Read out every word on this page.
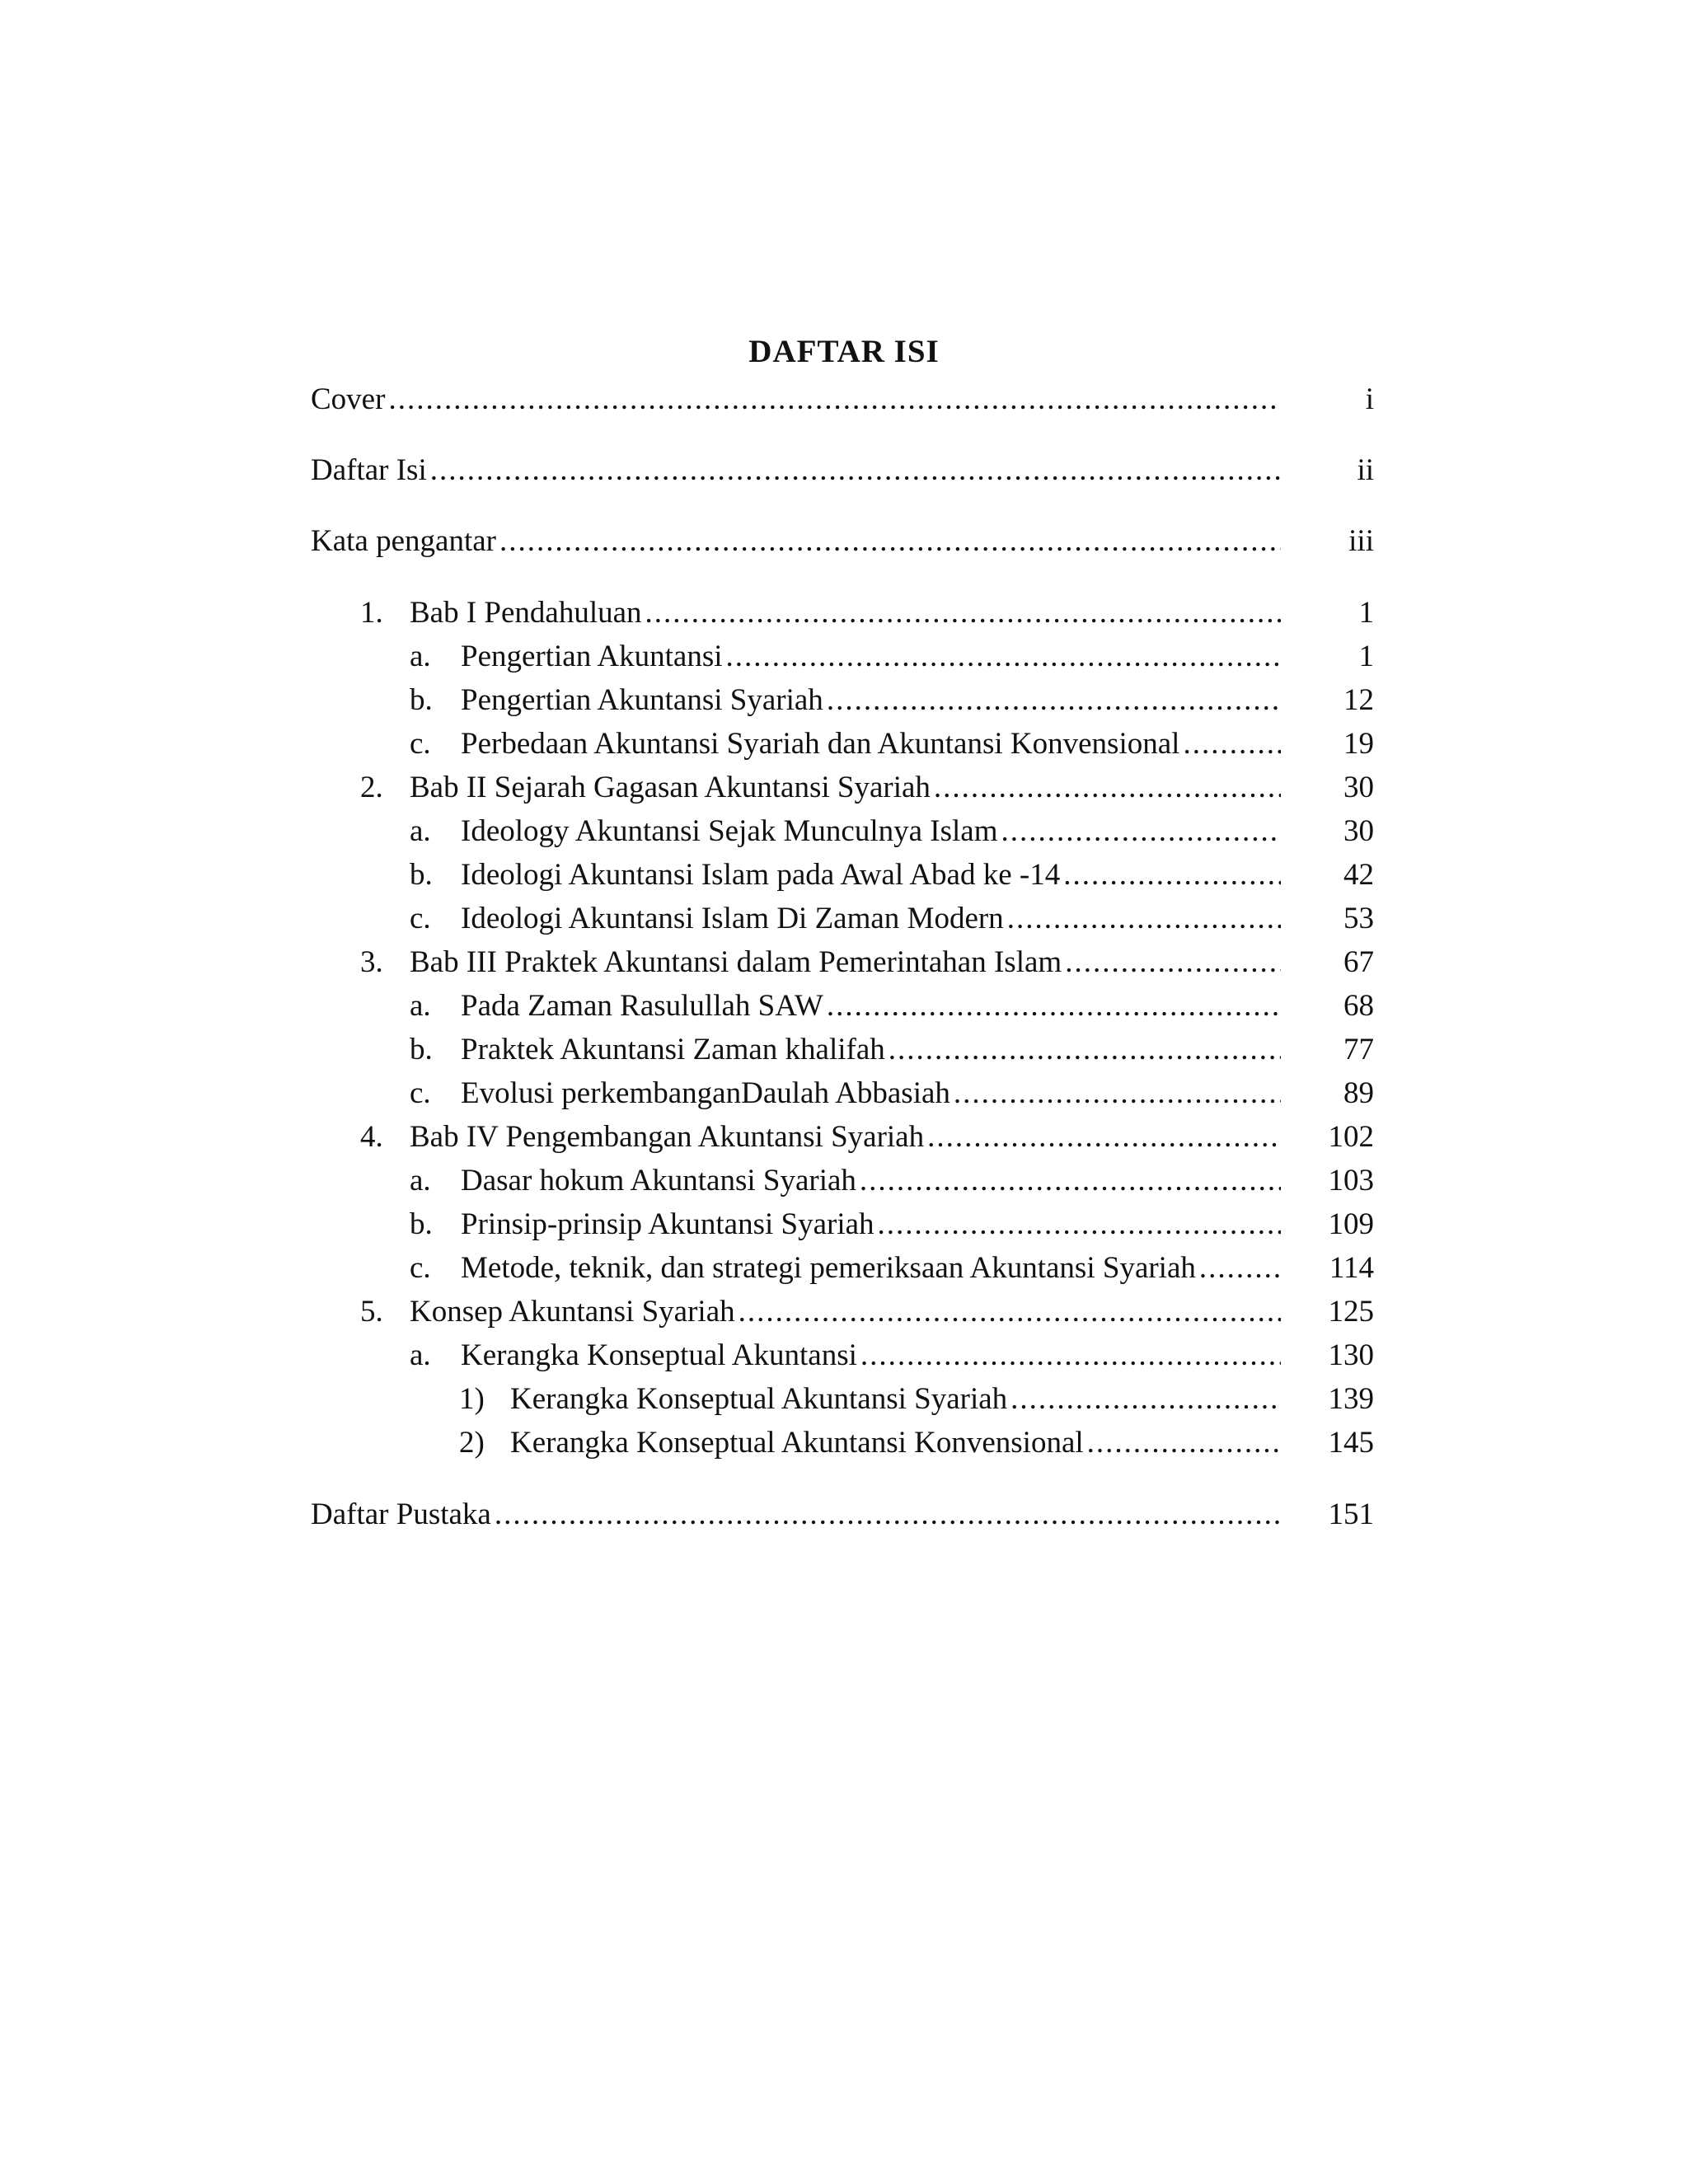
DAFTAR ISI
Cover .....	i
Daftar Isi .....	ii
Kata pengantar .....	iii
1. Bab I Pendahuluan .....	1
a. Pengertian Akuntansi .....	1
b. Pengertian Akuntansi Syariah .....	12
c. Perbedaan Akuntansi Syariah dan Akuntansi Konvensional .....	19
2. Bab II Sejarah Gagasan Akuntansi Syariah .....	30
a. Ideology Akuntansi Sejak Munculnya Islam .....	30
b. Ideologi Akuntansi Islam pada Awal Abad ke -14 .....	42
c. Ideologi Akuntansi Islam Di Zaman Modern .....	53
3. Bab III Praktek Akuntansi dalam Pemerintahan Islam .....	67
a. Pada Zaman Rasulullah SAW .....	68
b. Praktek Akuntansi Zaman khalifah .....	77
c. Evolusi perkembanganDaulah Abbasiah .....	89
4. Bab IV Pengembangan Akuntansi Syariah .....	102
a. Dasar hokum Akuntansi Syariah .....	103
b. Prinsip-prinsip Akuntansi Syariah .....	109
c. Metode, teknik, dan strategi pemeriksaan Akuntansi Syariah .....	114
5. Konsep Akuntansi Syariah .....	125
a. Kerangka Konseptual Akuntansi .....	130
1) Kerangka Konseptual Akuntansi Syariah .....	139
2) Kerangka Konseptual Akuntansi Konvensional .....	145
Daftar Pustaka .....	151
